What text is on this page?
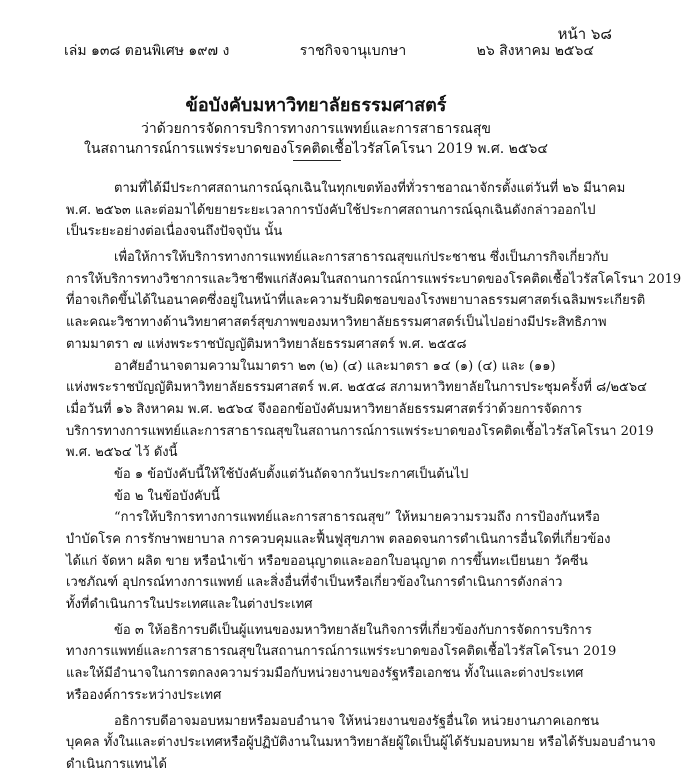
หน้า ๖๘
เล่ม ๑๓๘ ตอนพิเศษ ๑๙๗ ง	ราชกิจจานุเบกษา	๒๖ สิงหาคม ๒๕๖๔
ข้อบังคับมหาวิทยาลัยธรรมศาสตร์
ว่าด้วยการจัดการบริการทางการแพทย์และการสาธารณสุข
ในสถานการณ์การแพร่ระบาดของโรคติดเชื้อไวรัสโคโรนา 2019 พ.ศ. ๒๕๖๔
ตามที่ได้มีประกาศสถานการณ์ฉุกเฉินในทุกเขตท้องที่ทั่วราชอาณาจักรตั้งแต่วันที่ ๒๖ มีนาคม
พ.ศ. ๒๕๖๓ และต่อมาได้ขยายระยะเวลาการบังคับใช้ประกาศสถานการณ์ฉุกเฉินดังกล่าวออกไป
เป็นระยะอย่างต่อเนื่องจนถึงปัจจุบัน นั้น
เพื่อให้การให้บริการทางการแพทย์และการสาธารณสุขแก่ประชาชน ซึ่งเป็นภารกิจเกี่ยวกับ
การให้บริการทางวิชาการและวิชาชีพแก่สังคมในสถานการณ์การแพร่ระบาดของโรคติดเชื้อไวรัสโคโรนา 2019
ที่อาจเกิดขึ้นได้ในอนาคตซึ่งอยู่ในหน้าที่และความรับผิดชอบของโรงพยาบาลธรรมศาสตร์เฉลิมพระเกียรติ
และคณะวิชาทางด้านวิทยาศาสตร์สุขภาพของมหาวิทยาลัยธรรมศาสตร์เป็นไปอย่างมีประสิทธิภาพ
ตามมาตรา ๗ แห่งพระราชบัญญัติมหาวิทยาลัยธรรมศาสตร์ พ.ศ. ๒๕๕๘
อาศัยอำนาจตามความในมาตรา ๒๓ (๒) (๔) และมาตรา ๑๔ (๑) (๔) และ (๑๑)
แห่งพระราชบัญญัติมหาวิทยาลัยธรรมศาสตร์ พ.ศ. ๒๕๕๘ สภามหาวิทยาลัยในการประชุมครั้งที่ ๘/๒๕๖๔
เมื่อวันที่ ๑๖ สิงหาคม พ.ศ. ๒๕๖๔ จึงออกข้อบังคับมหาวิทยาลัยธรรมศาสตร์ว่าด้วยการจัดการ
บริการทางการแพทย์และการสาธารณสุขในสถานการณ์การแพร่ระบาดของโรคติดเชื้อไวรัสโคโรนา 2019
พ.ศ. ๒๕๖๔ ไว้ ดังนี้
ข้อ ๑ ข้อบังคับนี้ให้ใช้บังคับตั้งแต่วันถัดจากวันประกาศเป็นต้นไป
ข้อ ๒ ในข้อบังคับนี้
“การให้บริการทางการแพทย์และการสาธารณสุข” ให้หมายความรวมถึง การป้องกันหรือ
บำบัดโรค การรักษาพยาบาล การควบคุมและฟื้นฟูสุขภาพ ตลอดจนการดำเนินการอื่นใดที่เกี่ยวข้อง
ได้แก่ จัดหา ผลิต ขาย หรือนำเข้า หรือขออนุญาตและออกใบอนุญาต การขึ้นทะเบียนยา วัคซีน
เวชภัณฑ์ อุปกรณ์ทางการแพทย์ และสิ่งอื่นที่จำเป็นหรือเกี่ยวข้องในการดำเนินการดังกล่าว
ทั้งที่ดำเนินการในประเทศและในต่างประเทศ
ข้อ ๓ ให้อธิการบดีเป็นผู้แทนของมหาวิทยาลัยในกิจการที่เกี่ยวข้องกับการจัดการบริการ
ทางการแพทย์และการสาธารณสุขในสถานการณ์การแพร่ระบาดของโรคติดเชื้อไวรัสโคโรนา 2019
และให้มีอำนาจในการตกลงความร่วมมือกับหน่วยงานของรัฐหรือเอกชน ทั้งในและต่างประเทศ
หรือองค์การระหว่างประเทศ
อธิการบดีอาจมอบหมายหรือมอบอำนาจ ให้หน่วยงานของรัฐอื่นใด หน่วยงานภาคเอกชน
บุคคล ทั้งในและต่างประเทศหรือผู้ปฏิบัติงานในมหาวิทยาลัยผู้ใดเป็นผู้ได้รับมอบหมาย หรือได้รับมอบอำนาจ
ดำเนินการแทนได้
